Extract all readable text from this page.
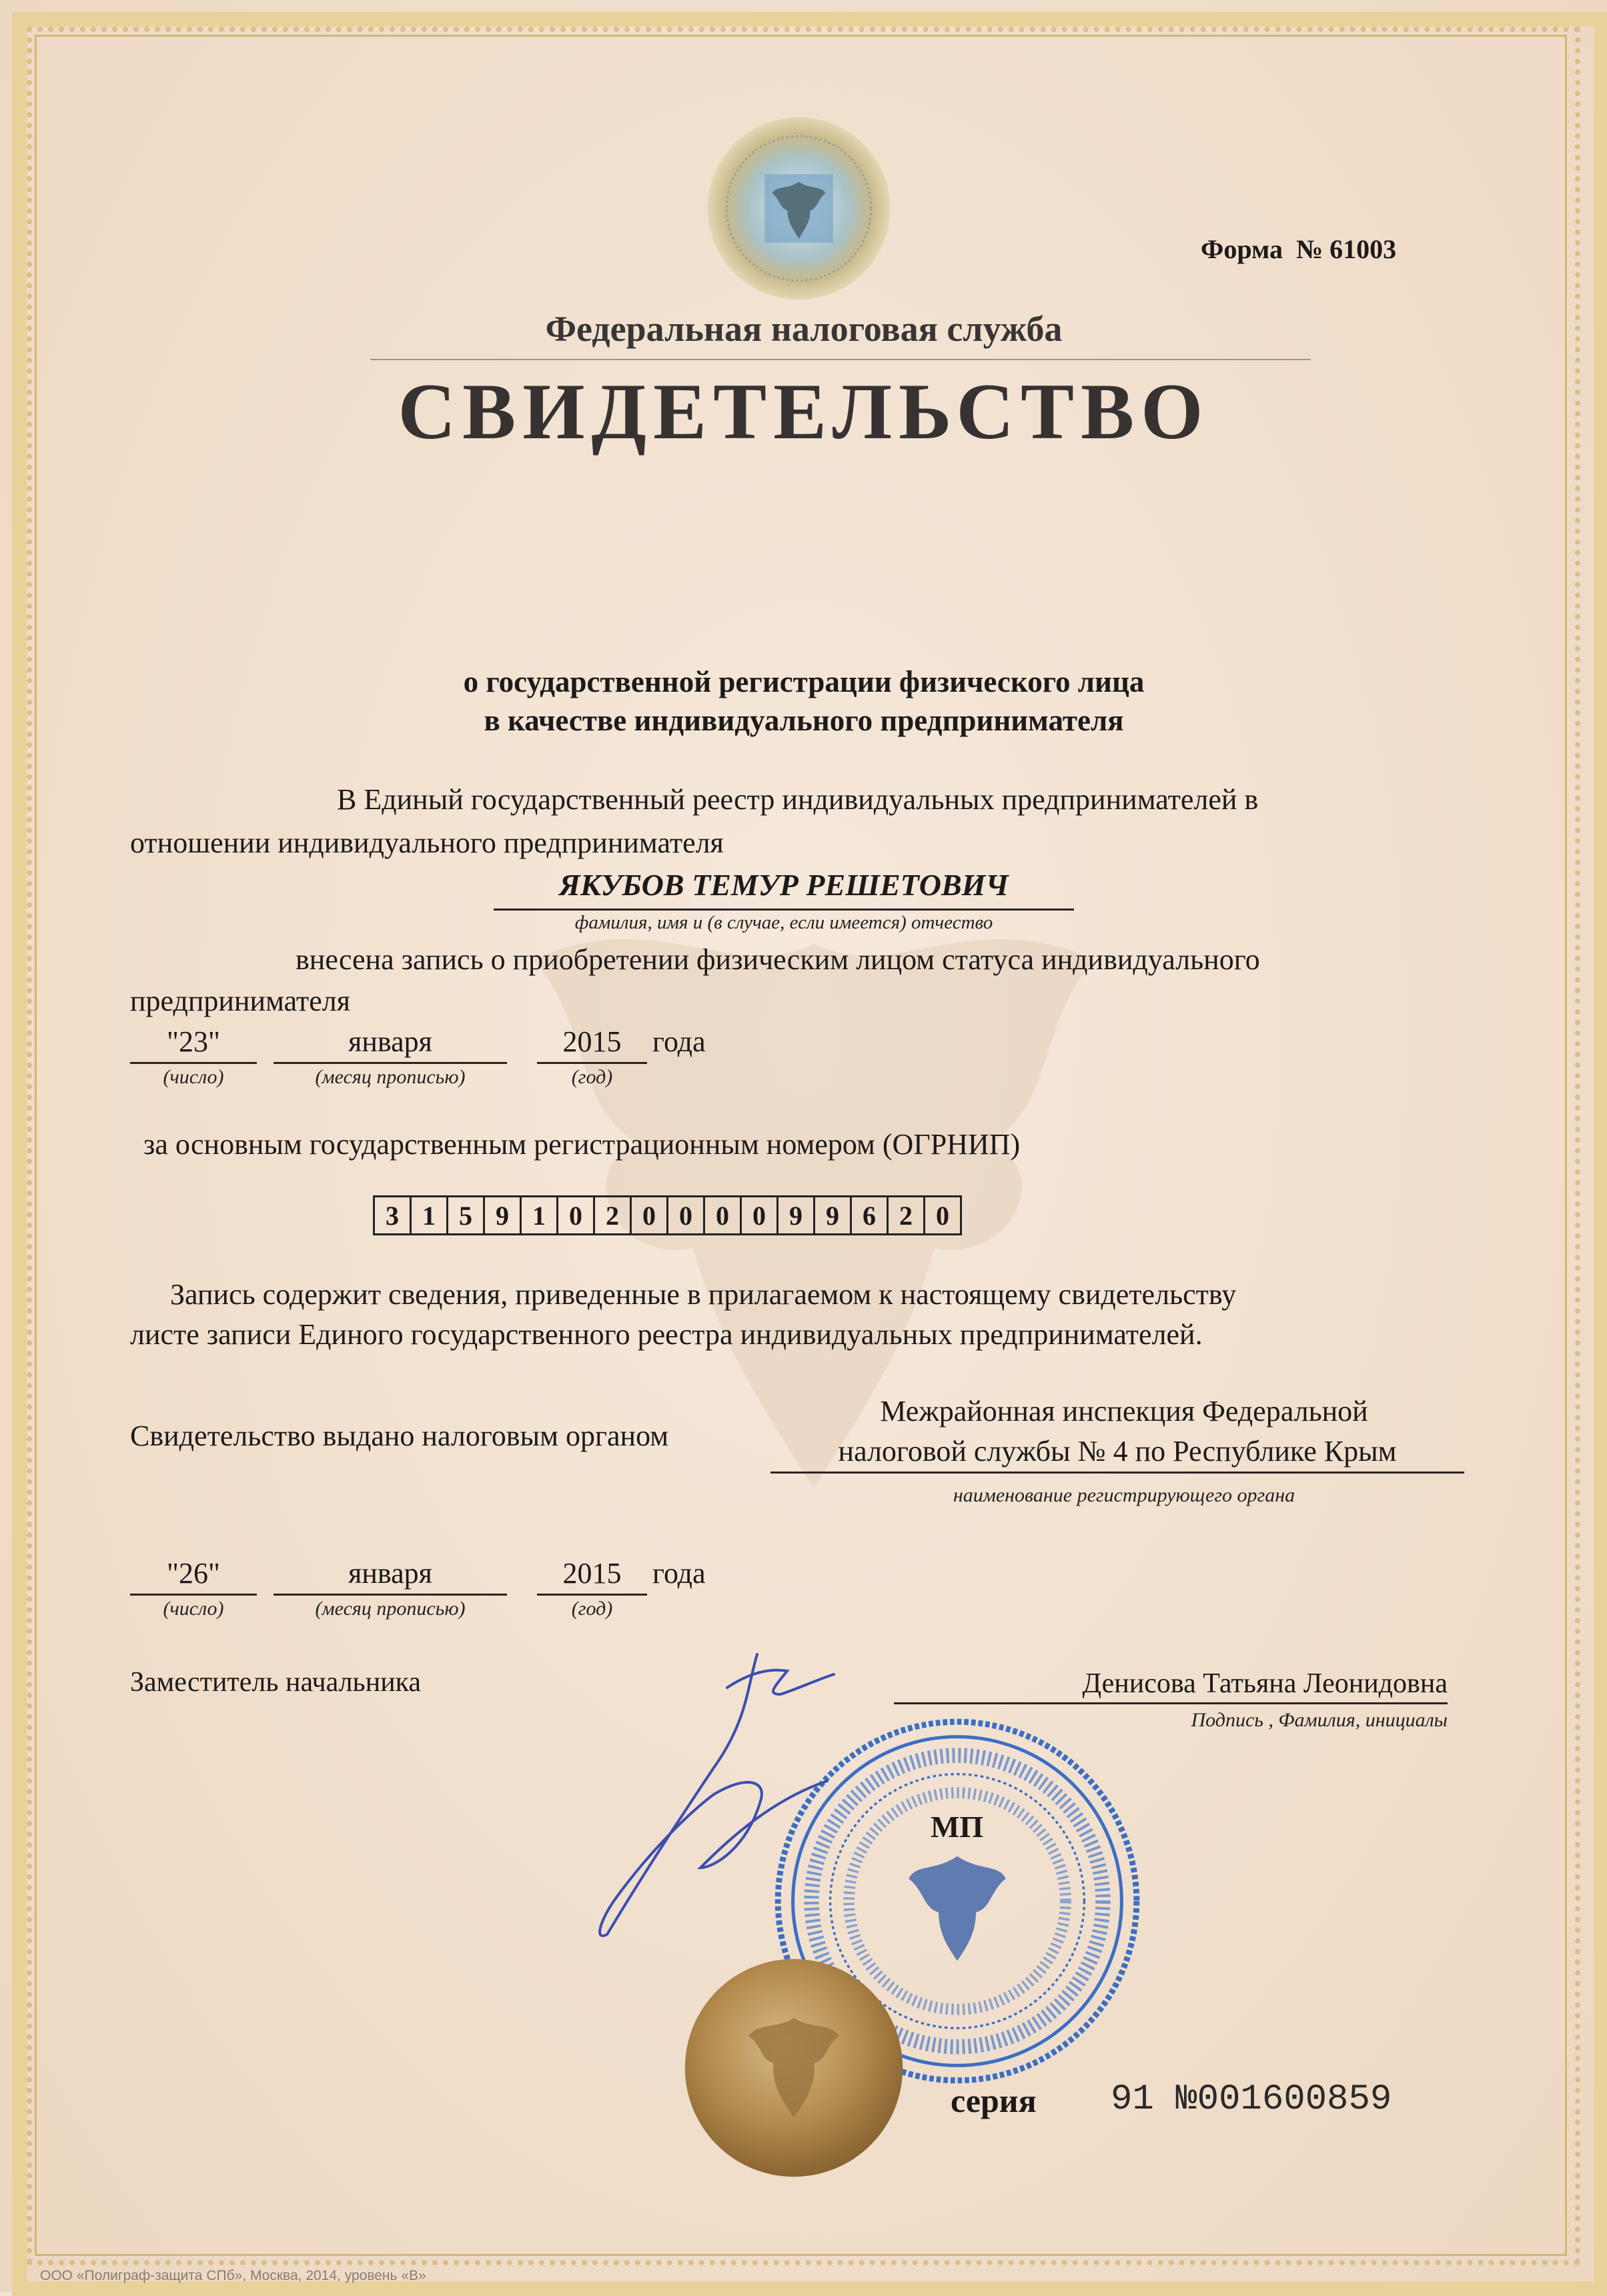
Форма № 61003
Федеральная налоговая служба
СВИДЕТЕЛЬСТВО
о государственной регистрации физического лица
в качестве индивидуального предпринимателя
В Единый государственный реестр индивидуальных предпринимателей в
отношении индивидуального предпринимателя
ЯКУБОВ ТЕМУР РЕШЕТОВИЧ
фамилия, имя и (в случае, если имеется) отчество
внесена запись о приобретении физическим лицом статуса индивидуального
предпринимателя
"23"	января	2015	года
(число)	(месяц прописью)	(год)
за основным государственным регистрационным номером (ОГРНИП)
3 1 5 9 1 0 2 0 0 0 0 9 9 6 2 0
Запись содержит сведения, приведенные в прилагаемом к настоящему свидетельству
листе записи Единого государственного реестра индивидуальных предпринимателей.
Свидетельство выдано налоговым органом
Межрайонная инспекция Федеральной
налоговой службы № 4 по Республике Крым
наименование регистрирующего органа
"26"	января	2015	года
(число)	(месяц прописью)	(год)
Заместитель начальника	Денисова Татьяна Леонидовна
Подпись , Фамилия, инициалы
МП
серия 91 №001600859
ООО «Полиграф-защита СПб», Москва, 2014, уровень «В»
